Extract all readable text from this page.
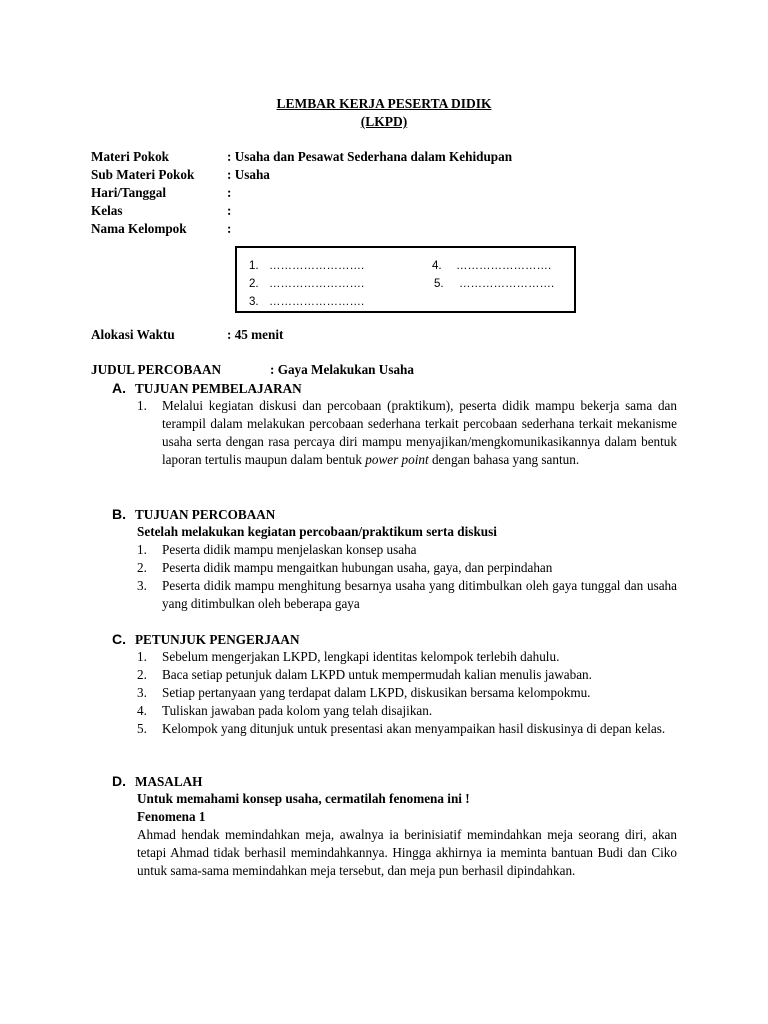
LEMBAR KERJA PESERTA DIDIK
(LKPD)
Materi Pokok	: Usaha dan Pesawat Sederhana dalam Kehidupan
Sub Materi Pokok : Usaha
Hari/Tanggal	:
Kelas	:
Nama Kelompok	:
1. …………………….
2. …………………….
3. …………………….
4. …………………….
5. …………………….
Alokasi Waktu	: 45 menit
JUDUL PERCOBAAN	: Gaya Melakukan Usaha
A. TUJUAN PEMBELAJARAN
1. Melalui kegiatan diskusi dan percobaan (praktikum), peserta didik mampu bekerja sama dan terampil dalam melakukan percobaan sederhana terkait percobaan sederhana terkait mekanisme usaha serta dengan rasa percaya diri mampu menyajikan/mengkomunikasikannya dalam bentuk laporan tertulis maupun dalam bentuk power point dengan bahasa yang santun.
B. TUJUAN PERCOBAAN
Setelah melakukan kegiatan percobaan/praktikum serta diskusi
1. Peserta didik mampu menjelaskan konsep usaha
2. Peserta didik mampu mengaitkan hubungan usaha, gaya, dan perpindahan
3. Peserta didik mampu menghitung besarnya usaha yang ditimbulkan oleh gaya tunggal dan usaha yang ditimbulkan oleh beberapa gaya
C. PETUNJUK PENGERJAAN
1. Sebelum mengerjakan LKPD, lengkapi identitas kelompok terlebih dahulu.
2. Baca setiap petunjuk dalam LKPD untuk mempermudah kalian menulis jawaban.
3. Setiap pertanyaan yang terdapat dalam LKPD, diskusikan bersama kelompokmu.
4. Tuliskan jawaban pada kolom yang telah disajikan.
5. Kelompok yang ditunjuk untuk presentasi akan menyampaikan hasil diskusinya di depan kelas.
D. MASALAH
Untuk memahami konsep usaha, cermatilah fenomena ini !
Fenomena 1
Ahmad hendak memindahkan meja, awalnya ia berinisiatif memindahkan meja seorang diri, akan tetapi Ahmad tidak berhasil memindahkannya. Hingga akhirnya ia meminta bantuan Budi dan Ciko untuk sama-sama memindahkan meja tersebut, dan meja pun berhasil dipindahkan.
